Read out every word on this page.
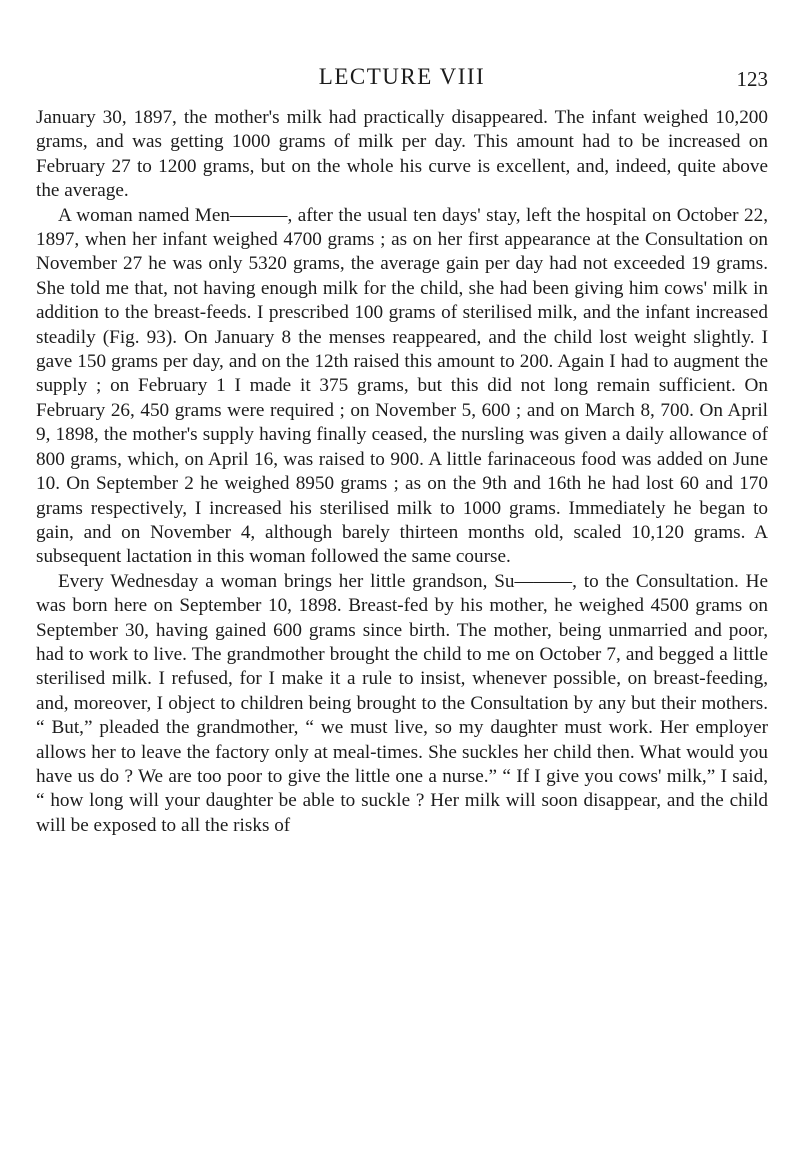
LECTURE VIII	123

January 30, 1897, the mother's milk had practically disappeared. The infant weighed 10,200 grams, and was getting 1000 grams of milk per day. This amount had to be increased on February 27 to 1200 grams, but on the whole his curve is excellent, and, indeed, quite above the average.

A woman named Men———, after the usual ten days' stay, left the hospital on October 22, 1897, when her infant weighed 4700 grams ; as on her first appearance at the Consultation on November 27 he was only 5320 grams, the average gain per day had not exceeded 19 grams. She told me that, not having enough milk for the child, she had been giving him cows' milk in addition to the breast-feeds. I prescribed 100 grams of sterilised milk, and the infant increased steadily (Fig. 93). On January 8 the menses reappeared, and the child lost weight slightly. I gave 150 grams per day, and on the 12th raised this amount to 200. Again I had to augment the supply ; on February 1 I made it 375 grams, but this did not long remain sufficient. On February 26, 450 grams were required ; on November 5, 600 ; and on March 8, 700. On April 9, 1898, the mother's supply having finally ceased, the nursling was given a daily allowance of 800 grams, which, on April 16, was raised to 900. A little farinaceous food was added on June 10. On September 2 he weighed 8950 grams ; as on the 9th and 16th he had lost 60 and 170 grams respectively, I increased his sterilised milk to 1000 grams. Immediately he began to gain, and on November 4, although barely thirteen months old, scaled 10,120 grams. A subsequent lactation in this woman followed the same course.

Every Wednesday a woman brings her little grandson, Su———, to the Consultation. He was born here on September 10, 1898. Breast-fed by his mother, he weighed 4500 grams on September 30, having gained 600 grams since birth. The mother, being unmarried and poor, had to work to live. The grandmother brought the child to me on October 7, and begged a little sterilised milk. I refused, for I make it a rule to insist, whenever possible, on breast-feeding, and, moreover, I object to children being brought to the Consultation by any but their mothers. “ But,” pleaded the grandmother, “ we must live, so my daughter must work. Her employer allows her to leave the factory only at meal-times. She suckles her child then. What would you have us do ? We are too poor to give the little one a nurse.” “ If I give you cows' milk,” I said, “ how long will your daughter be able to suckle ? Her milk will soon disappear, and the child will be exposed to all the risks of
